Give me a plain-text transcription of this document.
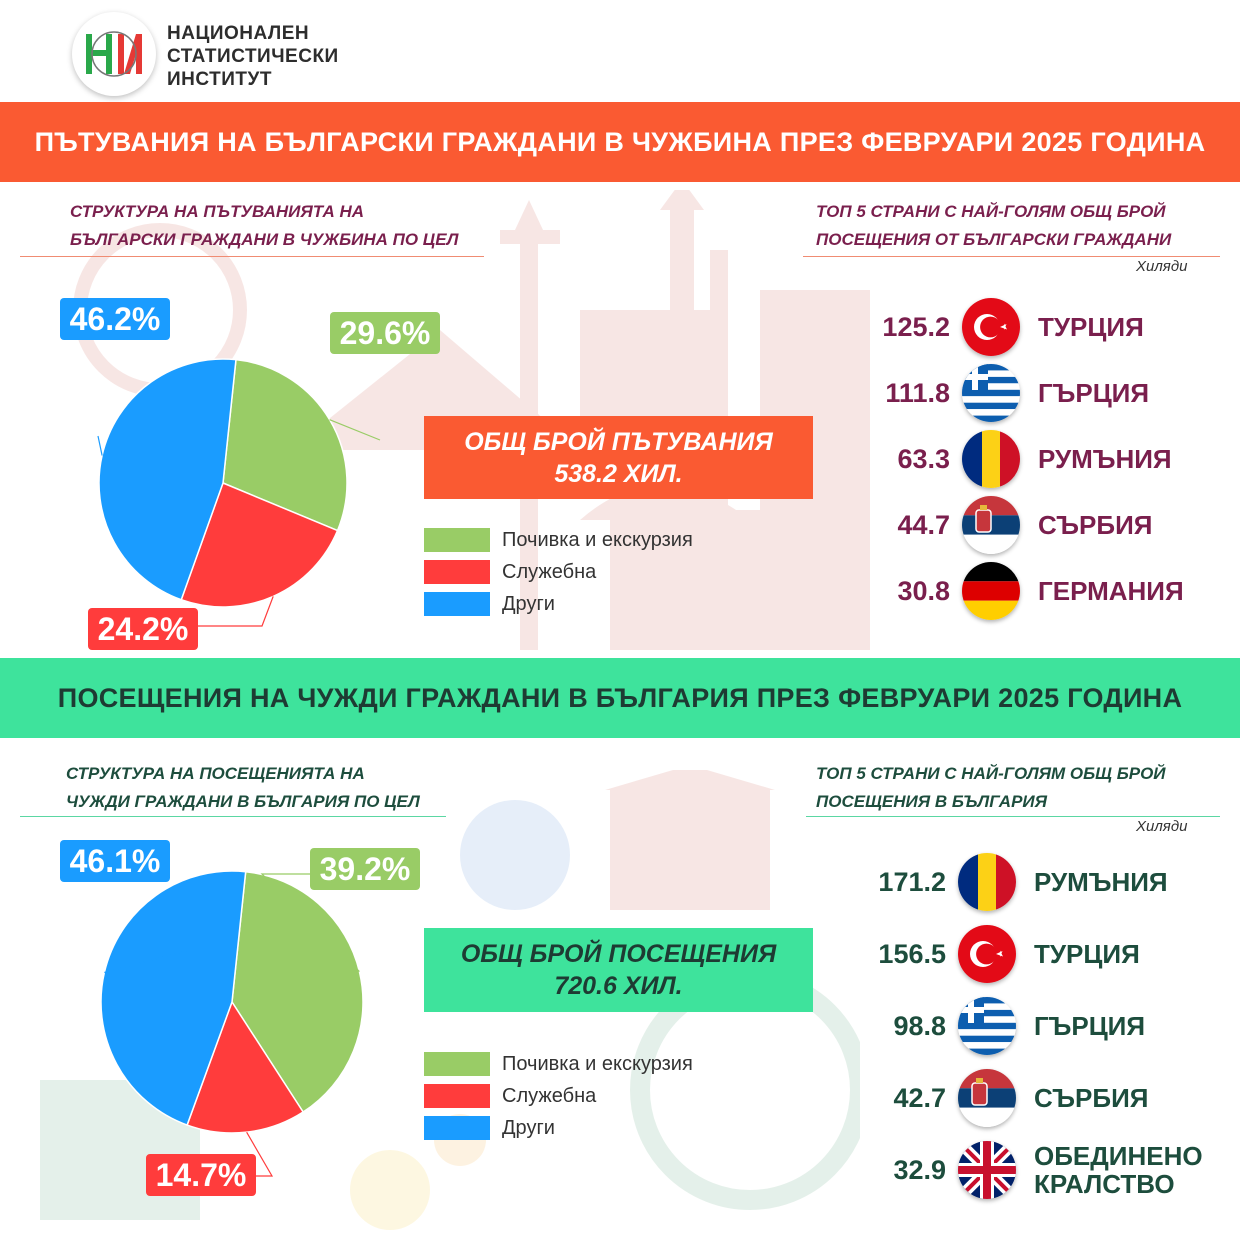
НАЦИОНАЛЕН
СТАТИСТИЧЕСКИ
ИНСТИТУТ
ПЪТУВАНИЯ НА БЪЛГАРСКИ ГРАЖДАНИ В ЧУЖБИНА ПРЕЗ ФЕВРУАРИ 2025 ГОДИНА
СТРУКТУРА НА ПЪТУВАНИЯТА НА
БЪЛГАРСКИ ГРАЖДАНИ В ЧУЖБИНА ПО ЦЕЛ
ТОП 5 СТРАНИ С НАЙ-ГОЛЯМ ОБЩ БРОЙ
ПОСЕЩЕНИЯ ОТ БЪЛГАРСКИ ГРАЖДАНИ
Хиляди
29.6%
24.2%
46.2%
ОБЩ БРОЙ ПЪТУВАНИЯ
538.2 ХИЛ.
Почивка и екскурзия
Служебна
Други
125.2	ТУРЦИЯ
111.8	ГЪРЦИЯ
63.3	РУМЪНИЯ
44.7	СЪРБИЯ
30.8	ГЕРМАНИЯ
ПОСЕЩЕНИЯ НА ЧУЖДИ ГРАЖДАНИ В БЪЛГАРИЯ ПРЕЗ ФЕВРУАРИ 2025 ГОДИНА
СТРУКТУРА НА ПОСЕЩЕНИЯТА НА
ЧУЖДИ ГРАЖДАНИ В БЪЛГАРИЯ ПО ЦЕЛ
ТОП 5 СТРАНИ С НАЙ-ГОЛЯМ ОБЩ БРОЙ
ПОСЕЩЕНИЯ В БЪЛГАРИЯ
Хиляди
39.2%
14.7%
46.1%
ОБЩ БРОЙ ПОСЕЩЕНИЯ
720.6 ХИЛ.
Почивка и екскурзия
Служебна
Други
171.2	РУМЪНИЯ
156.5	ТУРЦИЯ
98.8	ГЪРЦИЯ
42.7	СЪРБИЯ
32.9	ОБЕДИНЕНО
КРАЛСТВО
